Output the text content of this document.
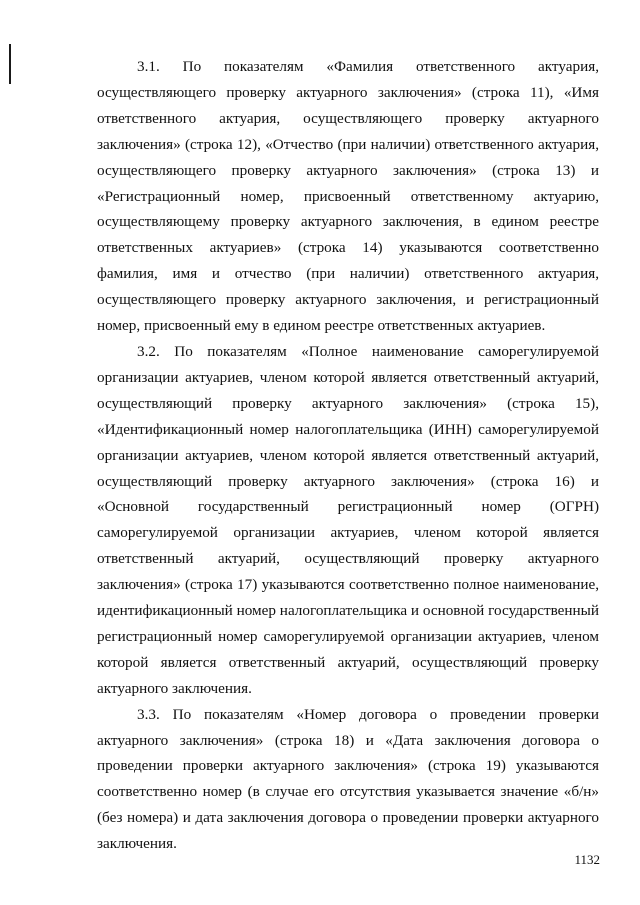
3.1. По показателям «Фамилия ответственного актуария, осуществляющего проверку актуарного заключения» (строка 11), «Имя ответственного актуария, осуществляющего проверку актуарного заключения» (строка 12), «Отчество (при наличии) ответственного актуария, осуществляющего проверку актуарного заключения» (строка 13) и «Регистрационный номер, присвоенный ответственному актуарию, осуществляющему проверку актуарного заключения, в едином реестре ответственных актуариев» (строка 14) указываются соответственно фамилия, имя и отчество (при наличии) ответственного актуария, осуществляющего проверку актуарного заключения, и регистрационный номер, присвоенный ему в едином реестре ответственных актуариев.

3.2. По показателям «Полное наименование саморегулируемой организации актуариев, членом которой является ответственный актуарий, осуществляющий проверку актуарного заключения» (строка 15), «Идентификационный номер налогоплательщика (ИНН) саморегулируемой организации актуариев, членом которой является ответственный актуарий, осуществляющий проверку актуарного заключения» (строка 16) и «Основной государственный регистрационный номер (ОГРН) саморегулируемой организации актуариев, членом которой является ответственный актуарий, осуществляющий проверку актуарного заключения» (строка 17) указываются соответственно полное наименование, идентификационный номер налогоплательщика и основной государственный регистрационный номер саморегулируемой организации актуариев, членом которой является ответственный актуарий, осуществляющий проверку актуарного заключения.

3.3. По показателям «Номер договора о проведении проверки актуарного заключения» (строка 18) и «Дата заключения договора о проведении проверки актуарного заключения» (строка 19) указываются соответственно номер (в случае его отсутствия указывается значение «б/н» (без номера) и дата заключения договора о проведении проверки актуарного заключения.

1132
